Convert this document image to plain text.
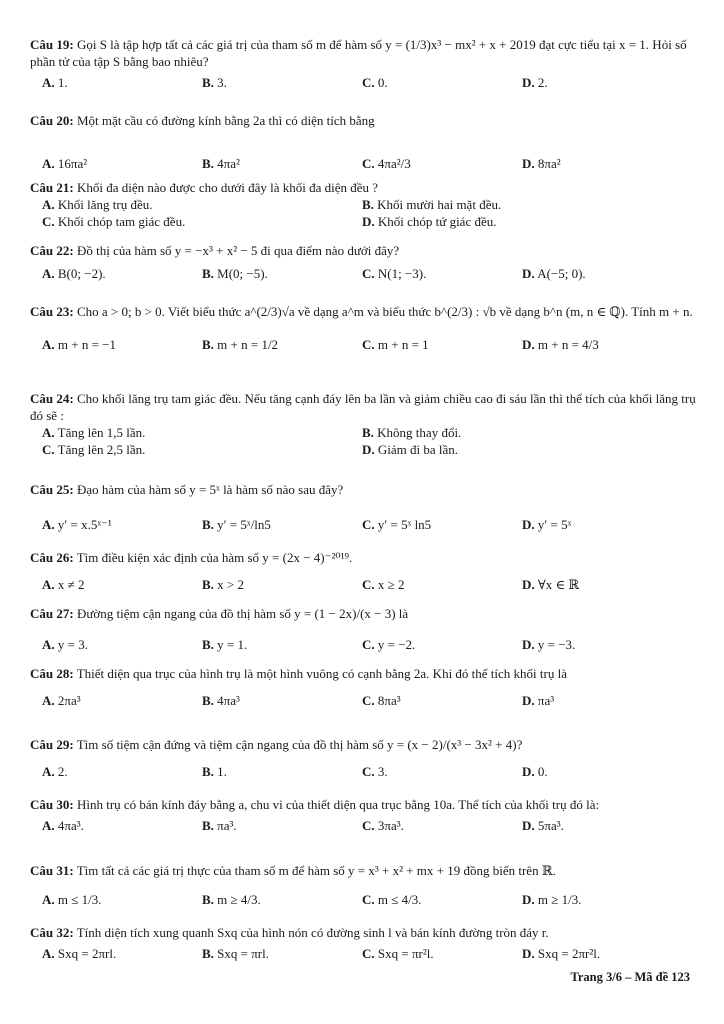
Câu 19: Gọi S là tập hợp tất cả các giá trị của tham số m để hàm số y = (1/3)x³ − mx² + x + 2019 đạt cực tiểu tại x = 1. Hỏi số phần tử của tập S bằng bao nhiêu?
A. 1.	B. 3.	C. 0.	D. 2.
Câu 20: Một mặt cầu có đường kính bằng 2a thì có diện tích bằng
A. 16πa²	B. 4πa²	C. 4πa²/3	D. 8πa²
Câu 21: Khối đa diện nào được cho dưới đây là khối đa diện đều ?
A. Khối lăng trụ đều.	B. Khối mười hai mặt đều.
C. Khối chóp tam giác đều.	D. Khối chóp tứ giác đều.
Câu 22: Đồ thị của hàm số y = −x³ + x² − 5 đi qua điểm nào dưới đây?
A. B(0; −2).	B. M(0; −5).	C. N(1; −3).	D. A(−5; 0).
Câu 23: Cho a > 0; b > 0. Viết biểu thức a^(2/3)√a về dạng a^m và biểu thức b^(2/3) : √b về dạng b^n (m, n ∈ ℚ). Tính m + n.
A. m + n = −1	B. m + n = 1/2	C. m + n = 1	D. m + n = 4/3
Câu 24: Cho khối lăng trụ tam giác đều. Nếu tăng cạnh đáy lên ba lần và giảm chiều cao đi sáu lần thì thể tích của khối lăng trụ đó sẽ :
A. Tăng lên 1,5 lần.	B. Không thay đổi.
C. Tăng lên 2,5 lần.	D. Giảm đi ba lần.
Câu 25: Đạo hàm của hàm số y = 5ˣ là hàm số nào sau đây?
A. y′ = x.5ˣ⁻¹	B. y′ = 5ˣ/ln5	C. y′ = 5ˣ ln5	D. y′ = 5ˣ
Câu 26: Tìm điều kiện xác định của hàm số y = (2x − 4)⁻²⁰¹⁹.
A. x ≠ 2	B. x > 2	C. x ≥ 2	D. ∀x ∈ ℝ
Câu 27: Đường tiệm cận ngang của đồ thị hàm số y = (1 − 2x)/(x − 3) là
A. y = 3.	B. y = 1.	C. y = −2.	D. y = −3.
Câu 28: Thiết diện qua trục của hình trụ là một hình vuông có cạnh bằng 2a. Khi đó thể tích khối trụ là
A. 2πa³	B. 4πa³	C. 8πa³	D. πa³
Câu 29: Tìm số tiệm cận đứng và tiệm cận ngang của đồ thị hàm số y = (x − 2)/(x³ − 3x² + 4)?
A. 2.	B. 1.	C. 3.	D. 0.
Câu 30: Hình trụ có bán kính đáy bằng a, chu vi của thiết diện qua trục bằng 10a. Thể tích của khối trụ đó là:
A. 4πa³.	B. πa³.	C. 3πa³.	D. 5πa³.
Câu 31: Tìm tất cả các giá trị thực của tham số m để hàm số y = x³ + x² + mx + 19 đồng biến trên ℝ.
A. m ≤ 1/3.	B. m ≥ 4/3.	C. m ≤ 4/3.	D. m ≥ 1/3.
Câu 32: Tính diện tích xung quanh Sxq của hình nón có đường sinh l và bán kính đường tròn đáy r.
A. Sxq = 2πrl.	B. Sxq = πrl.	C. Sxq = πr²l.	D. Sxq = 2πr²l.
Trang 3/6 – Mã đề 123
